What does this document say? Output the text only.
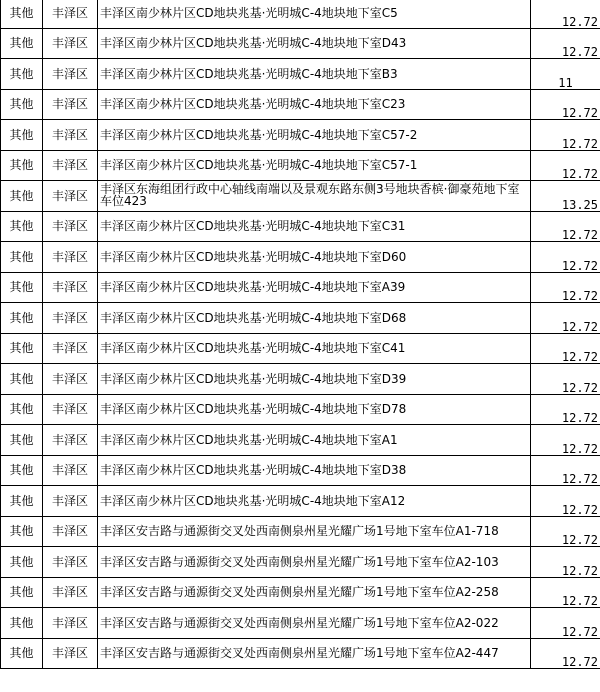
其他	丰泽区	丰泽区南少林片区CD地块兆基·光明城C-4地块地下室C5	12.72
其他	丰泽区	丰泽区南少林片区CD地块兆基·光明城C-4地块地下室D43	12.72
其他	丰泽区	丰泽区南少林片区CD地块兆基·光明城C-4地块地下室B3	11
其他	丰泽区	丰泽区南少林片区CD地块兆基·光明城C-4地块地下室C23	12.72
其他	丰泽区	丰泽区南少林片区CD地块兆基·光明城C-4地块地下室C57-2	12.72
其他	丰泽区	丰泽区南少林片区CD地块兆基·光明城C-4地块地下室C57-1	12.72
其他	丰泽区	丰泽区东海组团行政中心轴线南端以及景观东路东侧3号地块香槟·御豪苑地下室车位423	13.25
其他	丰泽区	丰泽区南少林片区CD地块兆基·光明城C-4地块地下室C31	12.72
其他	丰泽区	丰泽区南少林片区CD地块兆基·光明城C-4地块地下室D60	12.72
其他	丰泽区	丰泽区南少林片区CD地块兆基·光明城C-4地块地下室A39	12.72
其他	丰泽区	丰泽区南少林片区CD地块兆基·光明城C-4地块地下室D68	12.72
其他	丰泽区	丰泽区南少林片区CD地块兆基·光明城C-4地块地下室C41	12.72
其他	丰泽区	丰泽区南少林片区CD地块兆基·光明城C-4地块地下室D39	12.72
其他	丰泽区	丰泽区南少林片区CD地块兆基·光明城C-4地块地下室D78	12.72
其他	丰泽区	丰泽区南少林片区CD地块兆基·光明城C-4地块地下室A1	12.72
其他	丰泽区	丰泽区南少林片区CD地块兆基·光明城C-4地块地下室D38	12.72
其他	丰泽区	丰泽区南少林片区CD地块兆基·光明城C-4地块地下室A12	12.72
其他	丰泽区	丰泽区安吉路与通源街交叉处西南侧泉州星光耀广场1号地下室车位A1-718	12.72
其他	丰泽区	丰泽区安吉路与通源街交叉处西南侧泉州星光耀广场1号地下室车位A2-103	12.72
其他	丰泽区	丰泽区安吉路与通源街交叉处西南侧泉州星光耀广场1号地下室车位A2-258	12.72
其他	丰泽区	丰泽区安吉路与通源街交叉处西南侧泉州星光耀广场1号地下室车位A2-022	12.72
其他	丰泽区	丰泽区安吉路与通源街交叉处西南侧泉州星光耀广场1号地下室车位A2-447	12.72
